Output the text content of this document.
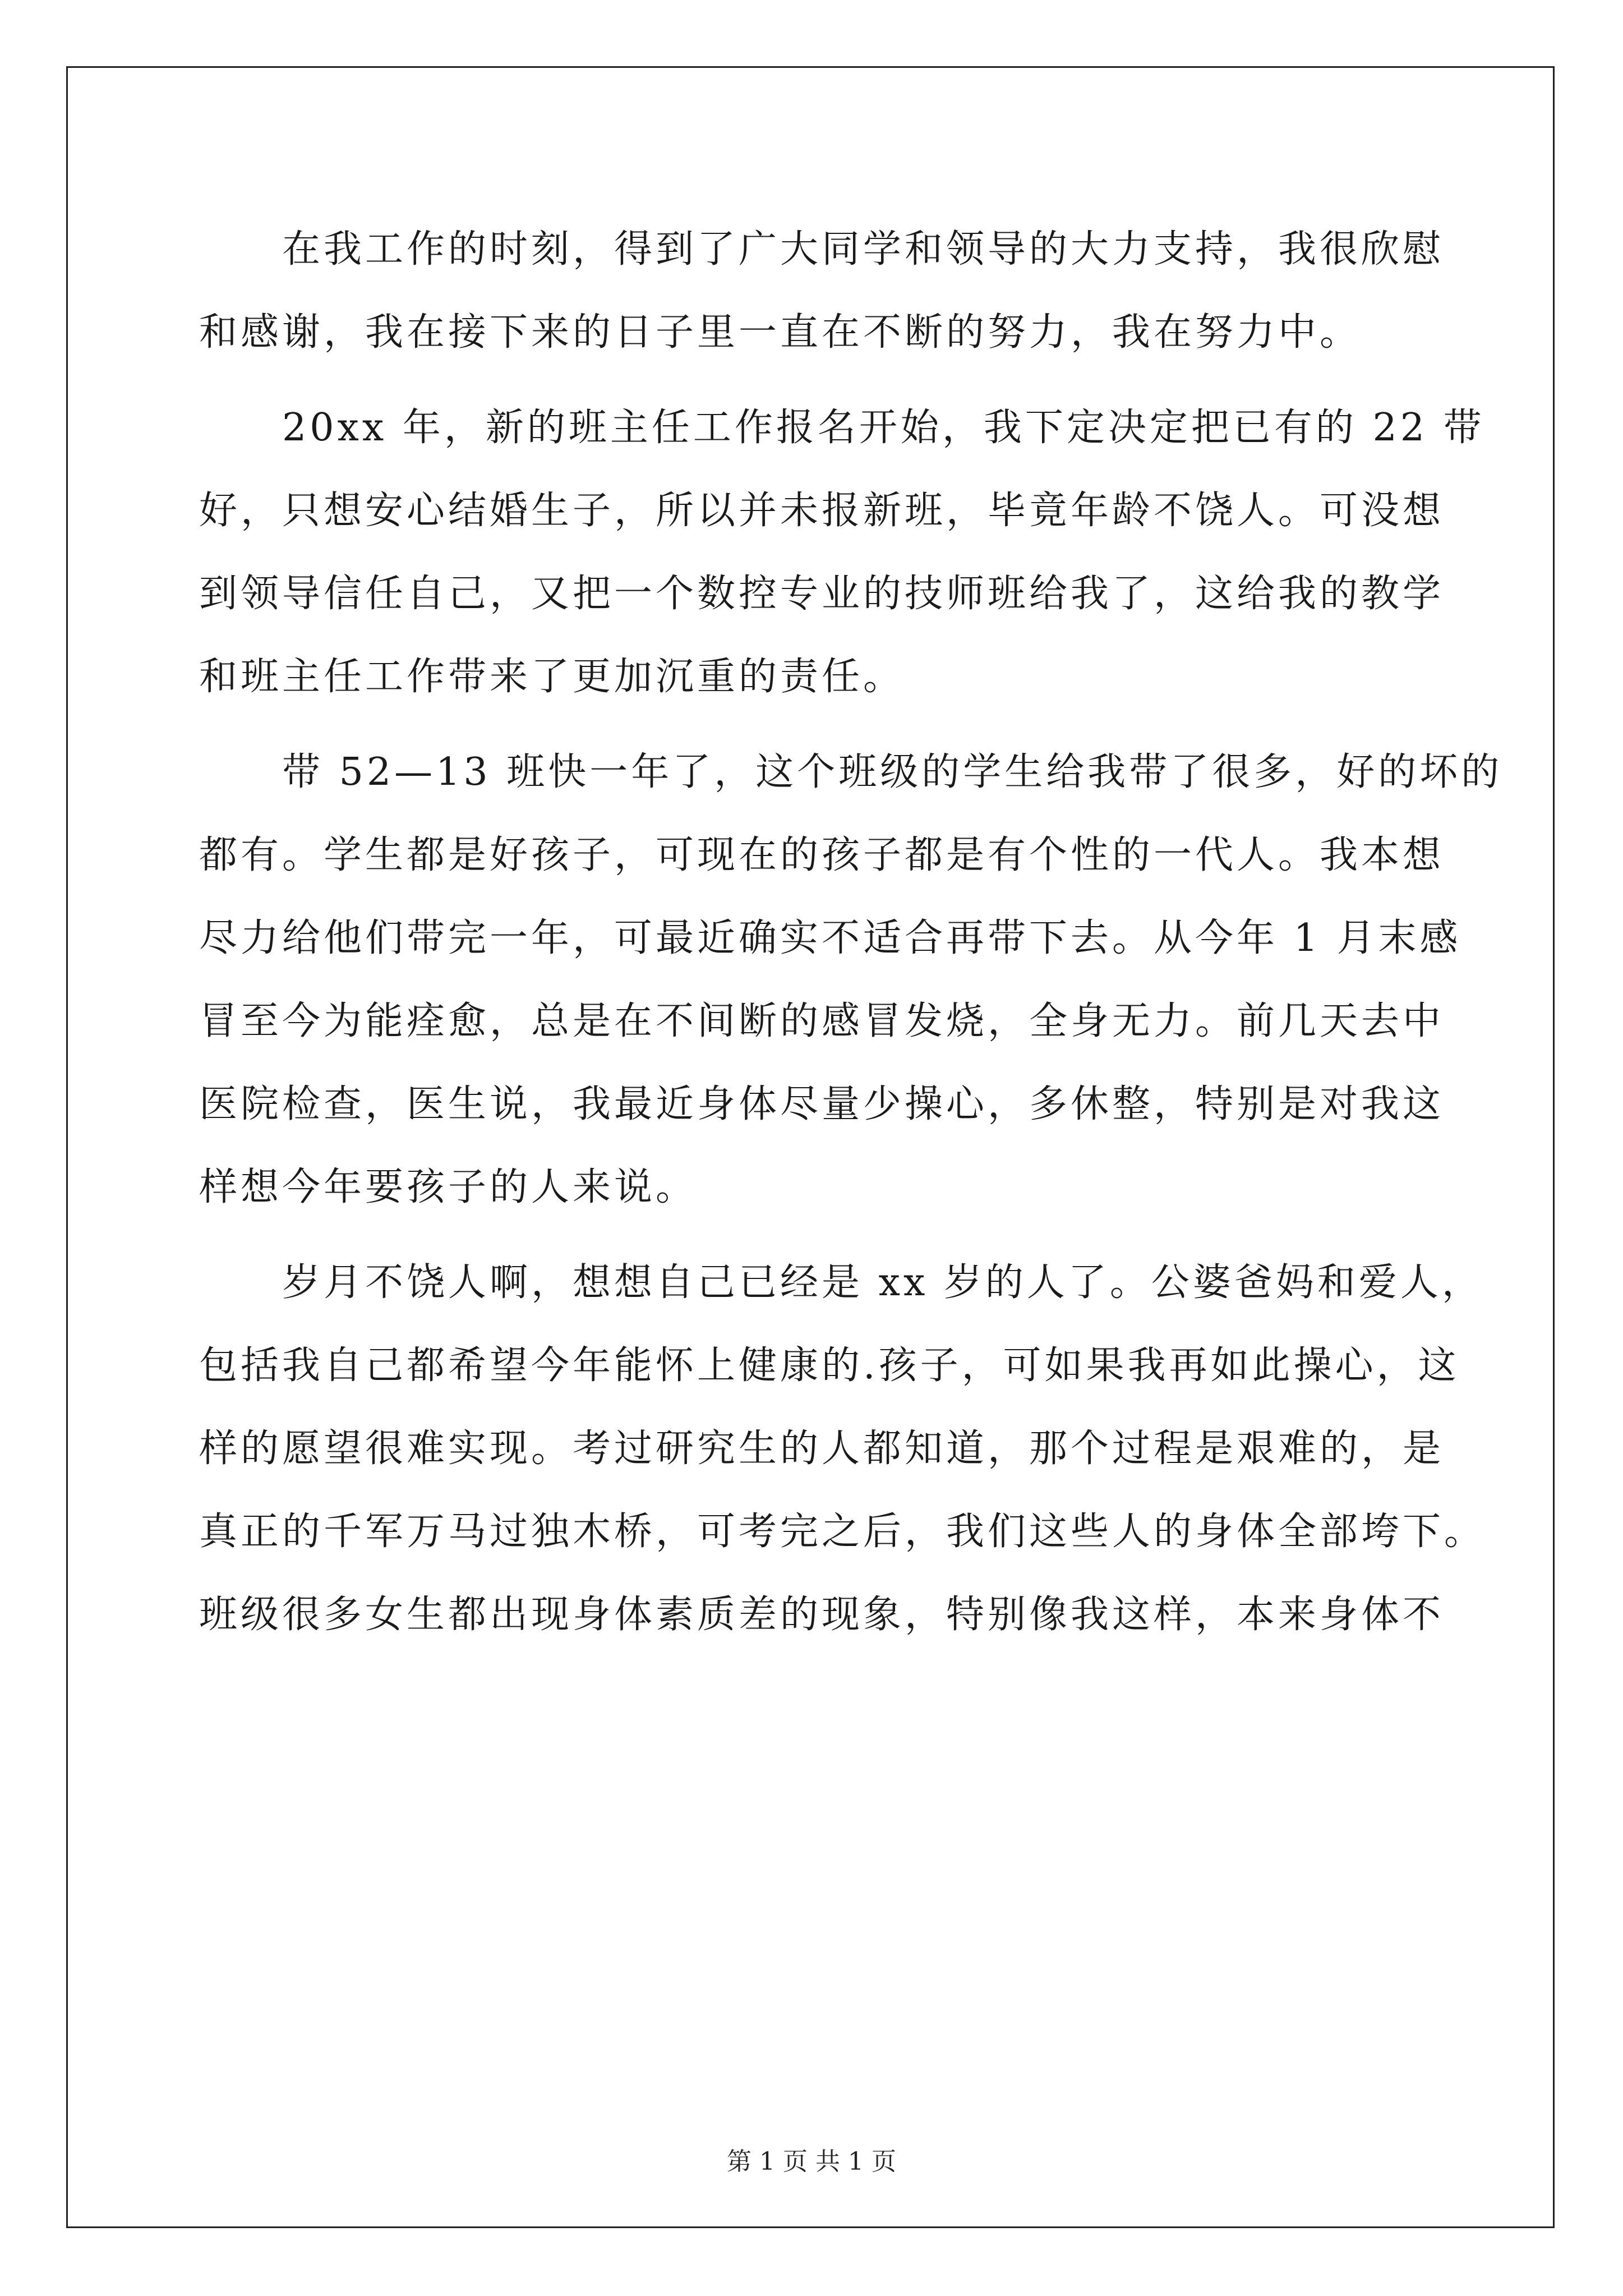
在我工作的时刻，得到了广大同学和领导的大力支持，我很欣慰
和感谢，我在接下来的日子里一直在不断的努力，我在努力中。
20xx 年，新的班主任工作报名开始，我下定决定把已有的 22 带
好，只想安心结婚生子，所以并未报新班，毕竟年龄不饶人。可没想
到领导信任自己，又把一个数控专业的技师班给我了，这给我的教学
和班主任工作带来了更加沉重的责任。
带 52—13 班快一年了，这个班级的学生给我带了很多，好的坏的
都有。学生都是好孩子，可现在的孩子都是有个性的一代人。我本想
尽力给他们带完一年，可最近确实不适合再带下去。从今年 1 月末感
冒至今为能痊愈，总是在不间断的感冒发烧，全身无力。前几天去中
医院检查，医生说，我最近身体尽量少操心，多休整，特别是对我这
样想今年要孩子的人来说。
岁月不饶人啊，想想自己已经是 xx 岁的人了。公婆爸妈和爱人，
包括我自己都希望今年能怀上健康的.孩子，可如果我再如此操心，这
样的愿望很难实现。考过研究生的人都知道，那个过程是艰难的，是
真正的千军万马过独木桥，可考完之后，我们这些人的身体全部垮下。
班级很多女生都出现身体素质差的现象，特别像我这样，本来身体不
第 1 页 共 1 页
